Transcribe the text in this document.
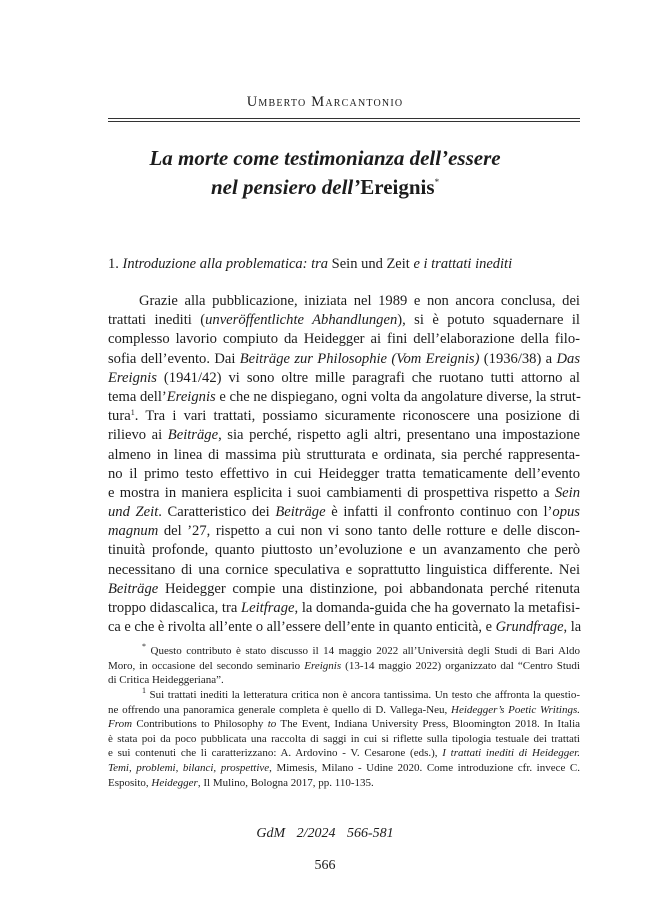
Umberto Marcantonio
La morte come testimonianza dell’essere
nel pensiero dell’Ereignis*
1. Introduzione alla problematica: tra Sein und Zeit e i trattati inediti
Grazie alla pubblicazione, iniziata nel 1989 e non ancora conclusa, dei
trattati inediti (unveröffentlichte Abhandlungen), si è potuto squadernare il
complesso lavorio compiuto da Heidegger ai fini dell’elaborazione della filo-
sofia dell’evento. Dai Beiträge zur Philosophie (Vom Ereignis) (1936/38) a Das
Ereignis (1941/42) vi sono oltre mille paragrafi che ruotano tutti attorno al
tema dell’Ereignis e che ne dispiegano, ogni volta da angolature diverse, la strut-
tura$^1$. Tra i vari trattati, possiamo sicuramente riconoscere una posizione di
rilievo ai Beiträge, sia perché, rispetto agli altri, presentano una impostazione
almeno in linea di massima più strutturata e ordinata, sia perché rappresenta-
no il primo testo effettivo in cui Heidegger tratta tematicamente dell’evento
e mostra in maniera esplicita i suoi cambiamenti di prospettiva rispetto a Sein
und Zeit. Caratteristico dei Beiträge è infatti il confronto continuo con l’opus
magnum del ’27, rispetto a cui non vi sono tanto delle rotture e delle discon-
tinuità profonde, quanto piuttosto un’evoluzione e un avanzamento che però
necessitano di una cornice speculativa e soprattutto linguistica differente. Nei
Beiträge Heidegger compie una distinzione, poi abbandonata perché ritenuta
troppo didascalica, tra Leitfrage, la domanda-guida che ha governato la metafisi-
ca e che è rivolta all’ente o all’essere dell’ente in quanto enticità, e Grundfrage, la
* Questo contributo è stato discusso il 14 maggio 2022 all’Università degli Studi di Bari Aldo
Moro, in occasione del secondo seminario Ereignis (13-14 maggio 2022) organizzato dal “Centro Studi
di Critica Heideggeriana”.
$^1$ Sui trattati inediti la letteratura critica non è ancora tantissima. Un testo che affronta la questio-
ne offrendo una panoramica generale completa è quello di D. Vallega-Neu, Heidegger’s Poetic Writings.
From Contributions to Philosophy to The Event, Indiana University Press, Bloomington 2018. In Italia
è stata poi da poco pubblicata una raccolta di saggi in cui si riflette sulla tipologia testuale dei trattati
e sui contenuti che li caratterizzano: A. Ardovino - V. Cesarone (eds.), I trattati inediti di Heidegger.
Temi, problemi, bilanci, prospettive, Mimesis, Milano - Udine 2020. Come introduzione cfr. invece C.
Esposito, Heidegger, Il Mulino, Bologna 2017, pp. 110-135.
GdM 2/2024 566-581
566
